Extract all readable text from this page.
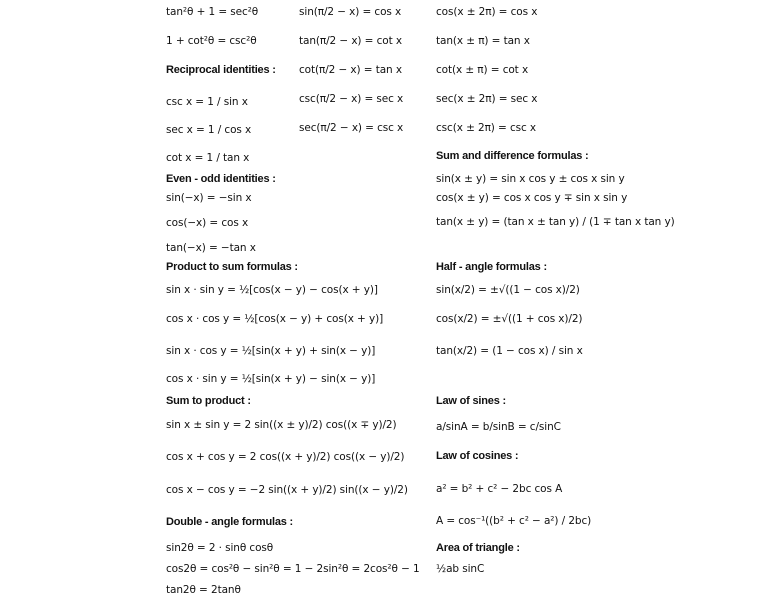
tan²θ + 1 = sec²θ
1 + cot²θ = csc²θ
Reciprocal identities :
csc x = 1 / sin x
sec x = 1 / cos x
cot x = 1 / tan x
Even - odd identities :
sin(−x) = −sin x
cos(−x) = cos x
tan(−x) = −tan x
Product to sum formulas :
sin x · sin y = ½[cos(x − y) − cos(x + y)]
cos x · cos y = ½[cos(x − y) + cos(x + y)]
sin x · cos y = ½[sin(x + y) + sin(x − y)]
cos x · sin y = ½[sin(x + y) − sin(x − y)]
Sum to product :
sin x ± sin y = 2 sin((x ± y)/2) cos((x ∓ y)/2)
cos x + cos y = 2 cos((x + y)/2) cos((x − y)/2)
cos x − cos y = −2 sin((x + y)/2) sin((x − y)/2)
Double - angle formulas :
sin2θ = 2 · sinθ cosθ
cos2θ = cos²θ − sin²θ = 1 − 2sin²θ = 2cos²θ − 1
tan2θ = 2tanθ
sin(π/2 − x) = cos x
tan(π/2 − x) = cot x
cot(π/2 − x) = tan x
csc(π/2 − x) = sec x
sec(π/2 − x) = csc x
cos(x ± 2π) = cos x
tan(x ± π) = tan x
cot(x ± π) = cot x
sec(x ± 2π) = sec x
csc(x ± 2π) = csc x
Sum and difference formulas :
sin(x ± y) = sin x cos y ± cos x sin y
cos(x ± y) = cos x cos y ∓ sin x sin y
tan(x ± y) = (tan x ± tan y) / (1 ∓ tan x tan y)
Half - angle formulas :
sin(x/2) = ±√((1 − cos x)/2)
cos(x/2) = ±√((1 + cos x)/2)
tan(x/2) = (1 − cos x) / sin x
Law of sines :
a/sinA = b/sinB = c/sinC
Law of cosines :
a² = b² + c² − 2bc cos A
A = cos⁻¹((b² + c² − a²) / 2bc)
Area of triangle :
½ab sinC
